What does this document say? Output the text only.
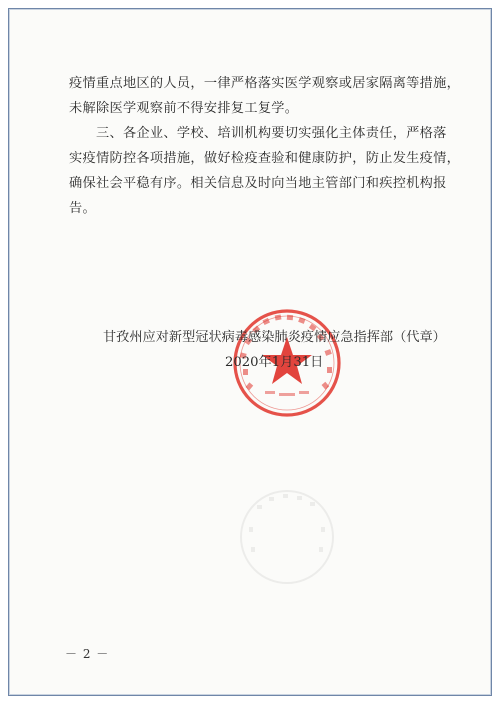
疫情重点地区的人员，一律严格落实医学观察或居家隔离等措施，

未解除医学观察前不得安排复工复学。

　　三、各企业、学校、培训机构要切实强化主体责任，严格落

实疫情防控各项措施，做好检疫查验和健康防护，防止发生疫情，

确保社会平稳有序。相关信息及时向当地主管部门和疾控机构报

告。

甘孜州应对新型冠状病毒感染肺炎疫情应急指挥部（代章）
2020年1月31日
－ 2 －
